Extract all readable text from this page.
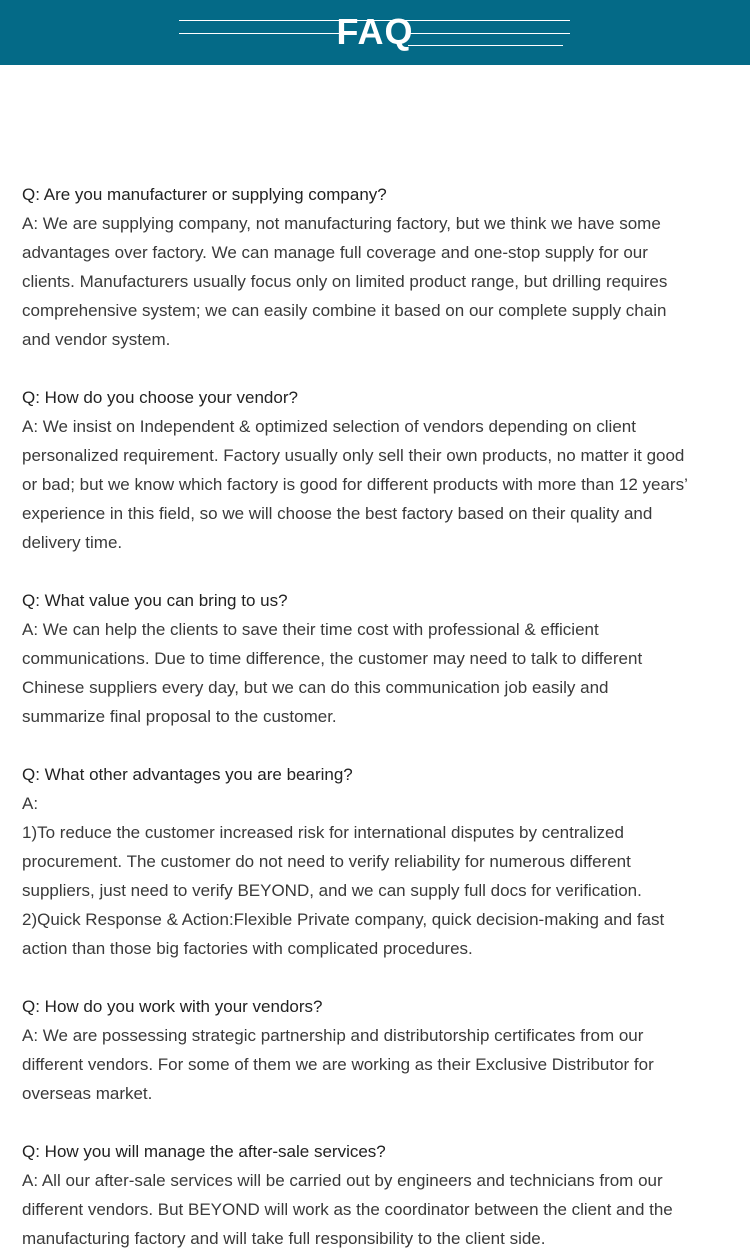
FAQ

Q: Are you manufacturer or supplying company?

A: We are supplying company, not manufacturing factory, but we think we have some

advantages over factory. We can manage full coverage and one-stop supply for our

clients. Manufacturers usually focus only on limited product range, but drilling requires

comprehensive system; we can easily combine it based on our complete supply chain

and vendor system.

Q: How do you choose your vendor?

A: We insist on Independent & optimized selection of vendors depending on client

personalized requirement. Factory usually only sell their own products, no matter it good

or bad; but we know which factory is good for different products with more than 12 years’

experience in this field, so we will choose the best factory based on their quality and

delivery time.

Q: What value you can bring to us?

A: We can help the clients to save their time cost with professional & efficient

communications. Due to time difference, the customer may need to talk to different

Chinese suppliers every day, but we can do this communication job easily and

summarize final proposal to the customer.

Q: What other advantages you are bearing?

A:

1)To reduce the customer increased risk for international disputes by centralized

procurement. The customer do not need to verify reliability for numerous different

suppliers, just need to verify BEYOND, and we can supply full docs for verification.

2)Quick Response & Action:Flexible Private company, quick decision-making and fast

action than those big factories with complicated procedures.

Q: How do you work with your vendors?

A: We are possessing strategic partnership and distributorship certificates from our

different vendors. For some of them we are working as their Exclusive Distributor for

overseas market.

Q: How you will manage the after-sale services?

A: All our after-sale services will be carried out by engineers and technicians from our

different vendors. But BEYOND will work as the coordinator between the client and the

manufacturing factory and will take full responsibility to the client side.
